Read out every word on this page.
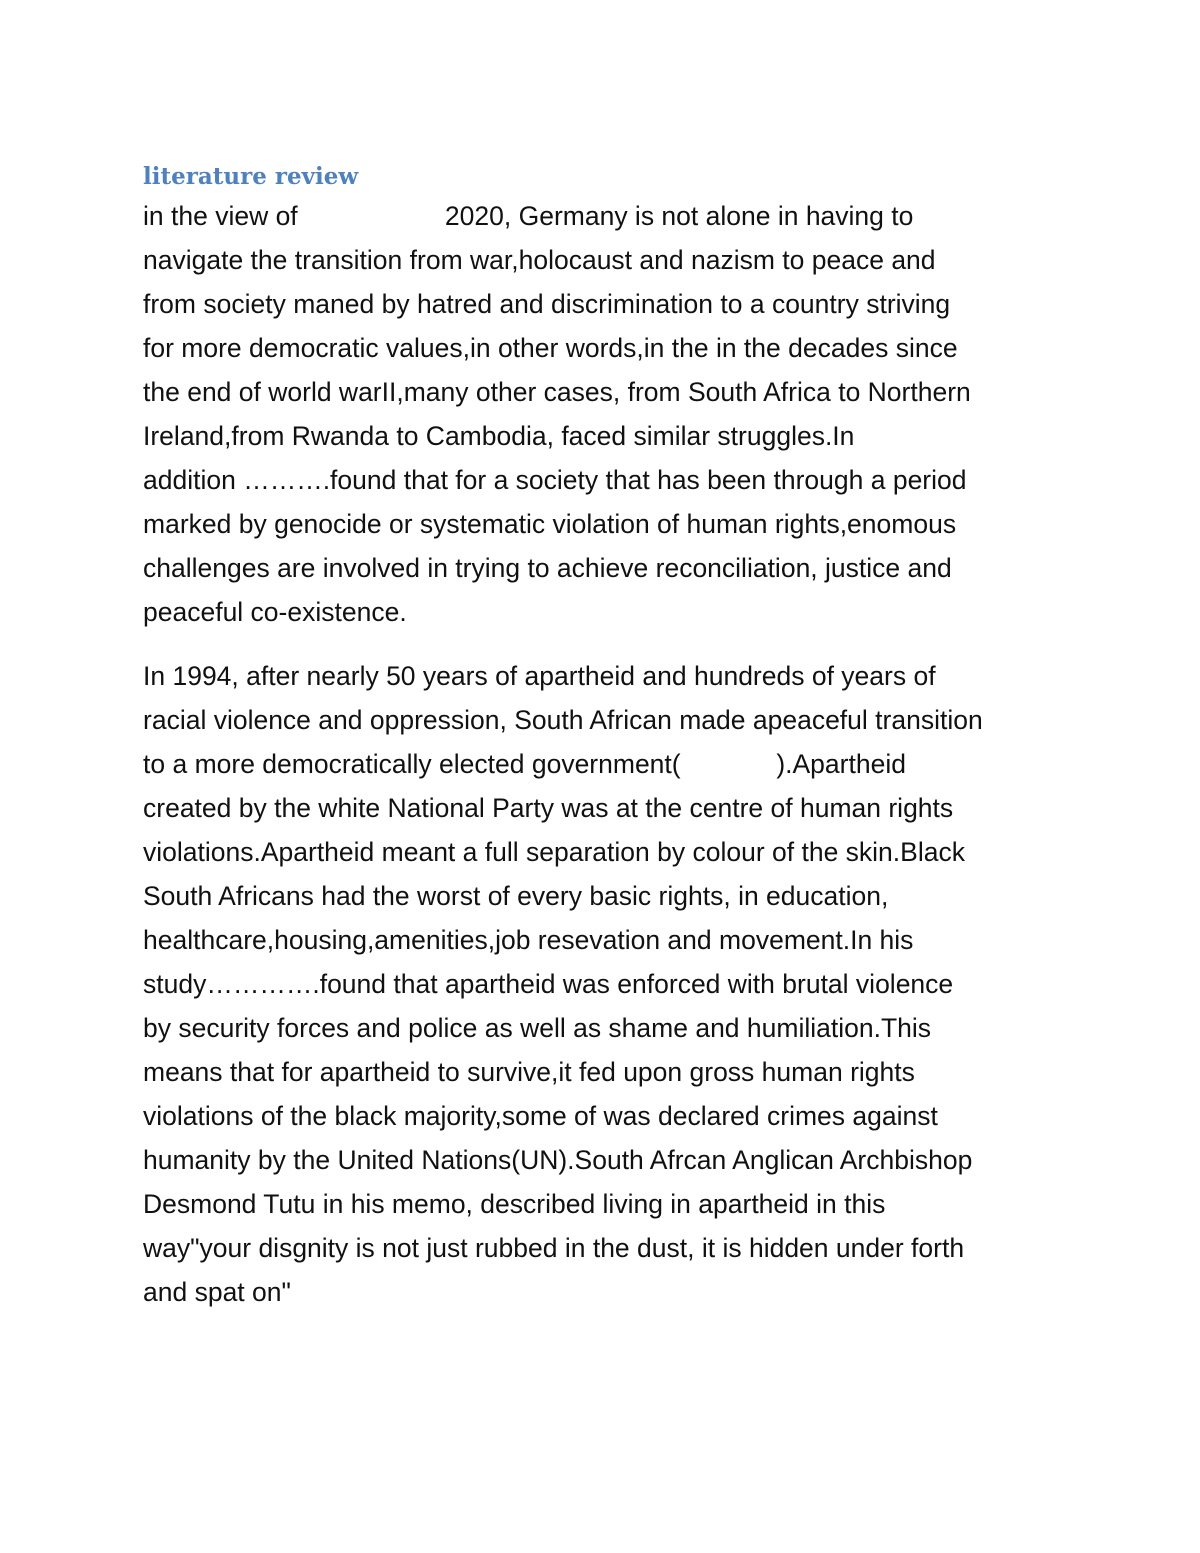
literature review
in the view of                    2020, Germany is not alone in having to
navigate the transition from war,holocaust and nazism to peace and
from society maned by hatred and discrimination to a country striving
for more democratic values,in other words,in the in the decades since
the end of world warII,many other cases, from South Africa to Northern
Ireland,from Rwanda to Cambodia, faced similar struggles.In
addition ……….found that for a society that has been through a period
marked by genocide or systematic violation of human rights,enomous
challenges are involved in trying to achieve reconciliation, justice and
peaceful co-existence.
In 1994, after nearly 50 years of apartheid and hundreds of years of
racial violence and oppression, South African made apeaceful transition
to a more democratically elected government(             ).Apartheid
created by the white National Party was at the centre of human rights
violations.Apartheid meant a full separation by colour of the skin.Black
South Africans had the worst of every basic rights, in education,
healthcare,housing,amenities,job resevation and movement.In his
study………….found that apartheid was enforced with brutal violence
by security forces and police as well as shame and humiliation.This
means that for apartheid to survive,it fed upon gross human rights
violations of the black majority,some of was declared crimes against
humanity by the United Nations(UN).South Afrcan Anglican Archbishop
Desmond Tutu in his memo, described living in apartheid in this
way"your disgnity is not just rubbed in the dust, it is hidden under forth
and spat on"
